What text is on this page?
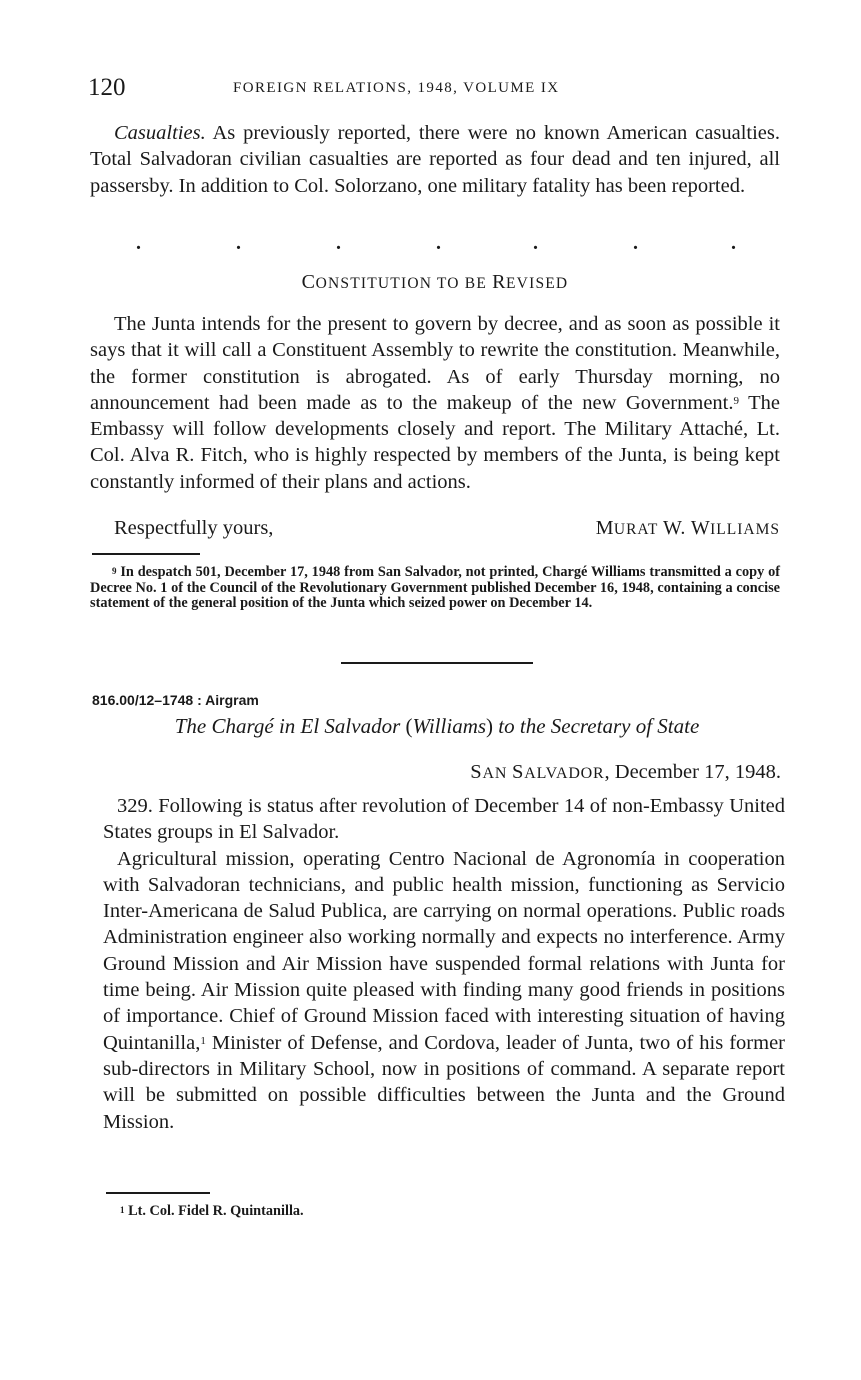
120	FOREIGN RELATIONS, 1948, VOLUME IX

Casualties. As previously reported, there were no known American casualties. Total Salvadoran civilian casualties are reported as four dead and ten injured, all passersby. In addition to Col. Solorzano, one military fatality has been reported.

.	.	.	.	.	.	.
CONSTITUTION TO BE REVISED

The Junta intends for the present to govern by decree, and as soon as possible it says that it will call a Constituent Assembly to rewrite the constitution. Meanwhile, the former constitution is abrogated. As of early Thursday morning, no announcement had been made as to the makeup of the new Government.$^9$ The Embassy will follow developments closely and report. The Military Attaché, Lt. Col. Alva R. Fitch, who is highly respected by members of the Junta, is being kept constantly informed of their plans and actions.

Respectfully yours,	MURAT W. WILLIAMS
$^9$ In despatch 501, December 17, 1948 from San Salvador, not printed, Chargé Williams transmitted a copy of Decree No. 1 of the Council of the Revolutionary Government published December 16, 1948, containing a concise statement of the general position of the Junta which seized power on December 14.
816.00/12–1748 : Airgram
The Chargé in El Salvador (Williams) to the Secretary of State
SAN SALVADOR, December 17, 1948.

329. Following is status after revolution of December 14 of non-Embassy United States groups in El Salvador.

Agricultural mission, operating Centro Nacional de Agronomía in cooperation with Salvadoran technicians, and public health mission, functioning as Servicio Inter-Americana de Salud Publica, are carrying on normal operations. Public roads Administration engineer also working normally and expects no interference. Army Ground Mission and Air Mission have suspended formal relations with Junta for time being. Air Mission quite pleased with finding many good friends in positions of importance. Chief of Ground Mission faced with interesting situation of having Quintanilla,$^1$ Minister of Defense, and Cordova, leader of Junta, two of his former sub-directors in Military School, now in positions of command. A separate report will be submitted on possible difficulties between the Junta and the Ground Mission.

$^1$ Lt. Col. Fidel R. Quintanilla.
